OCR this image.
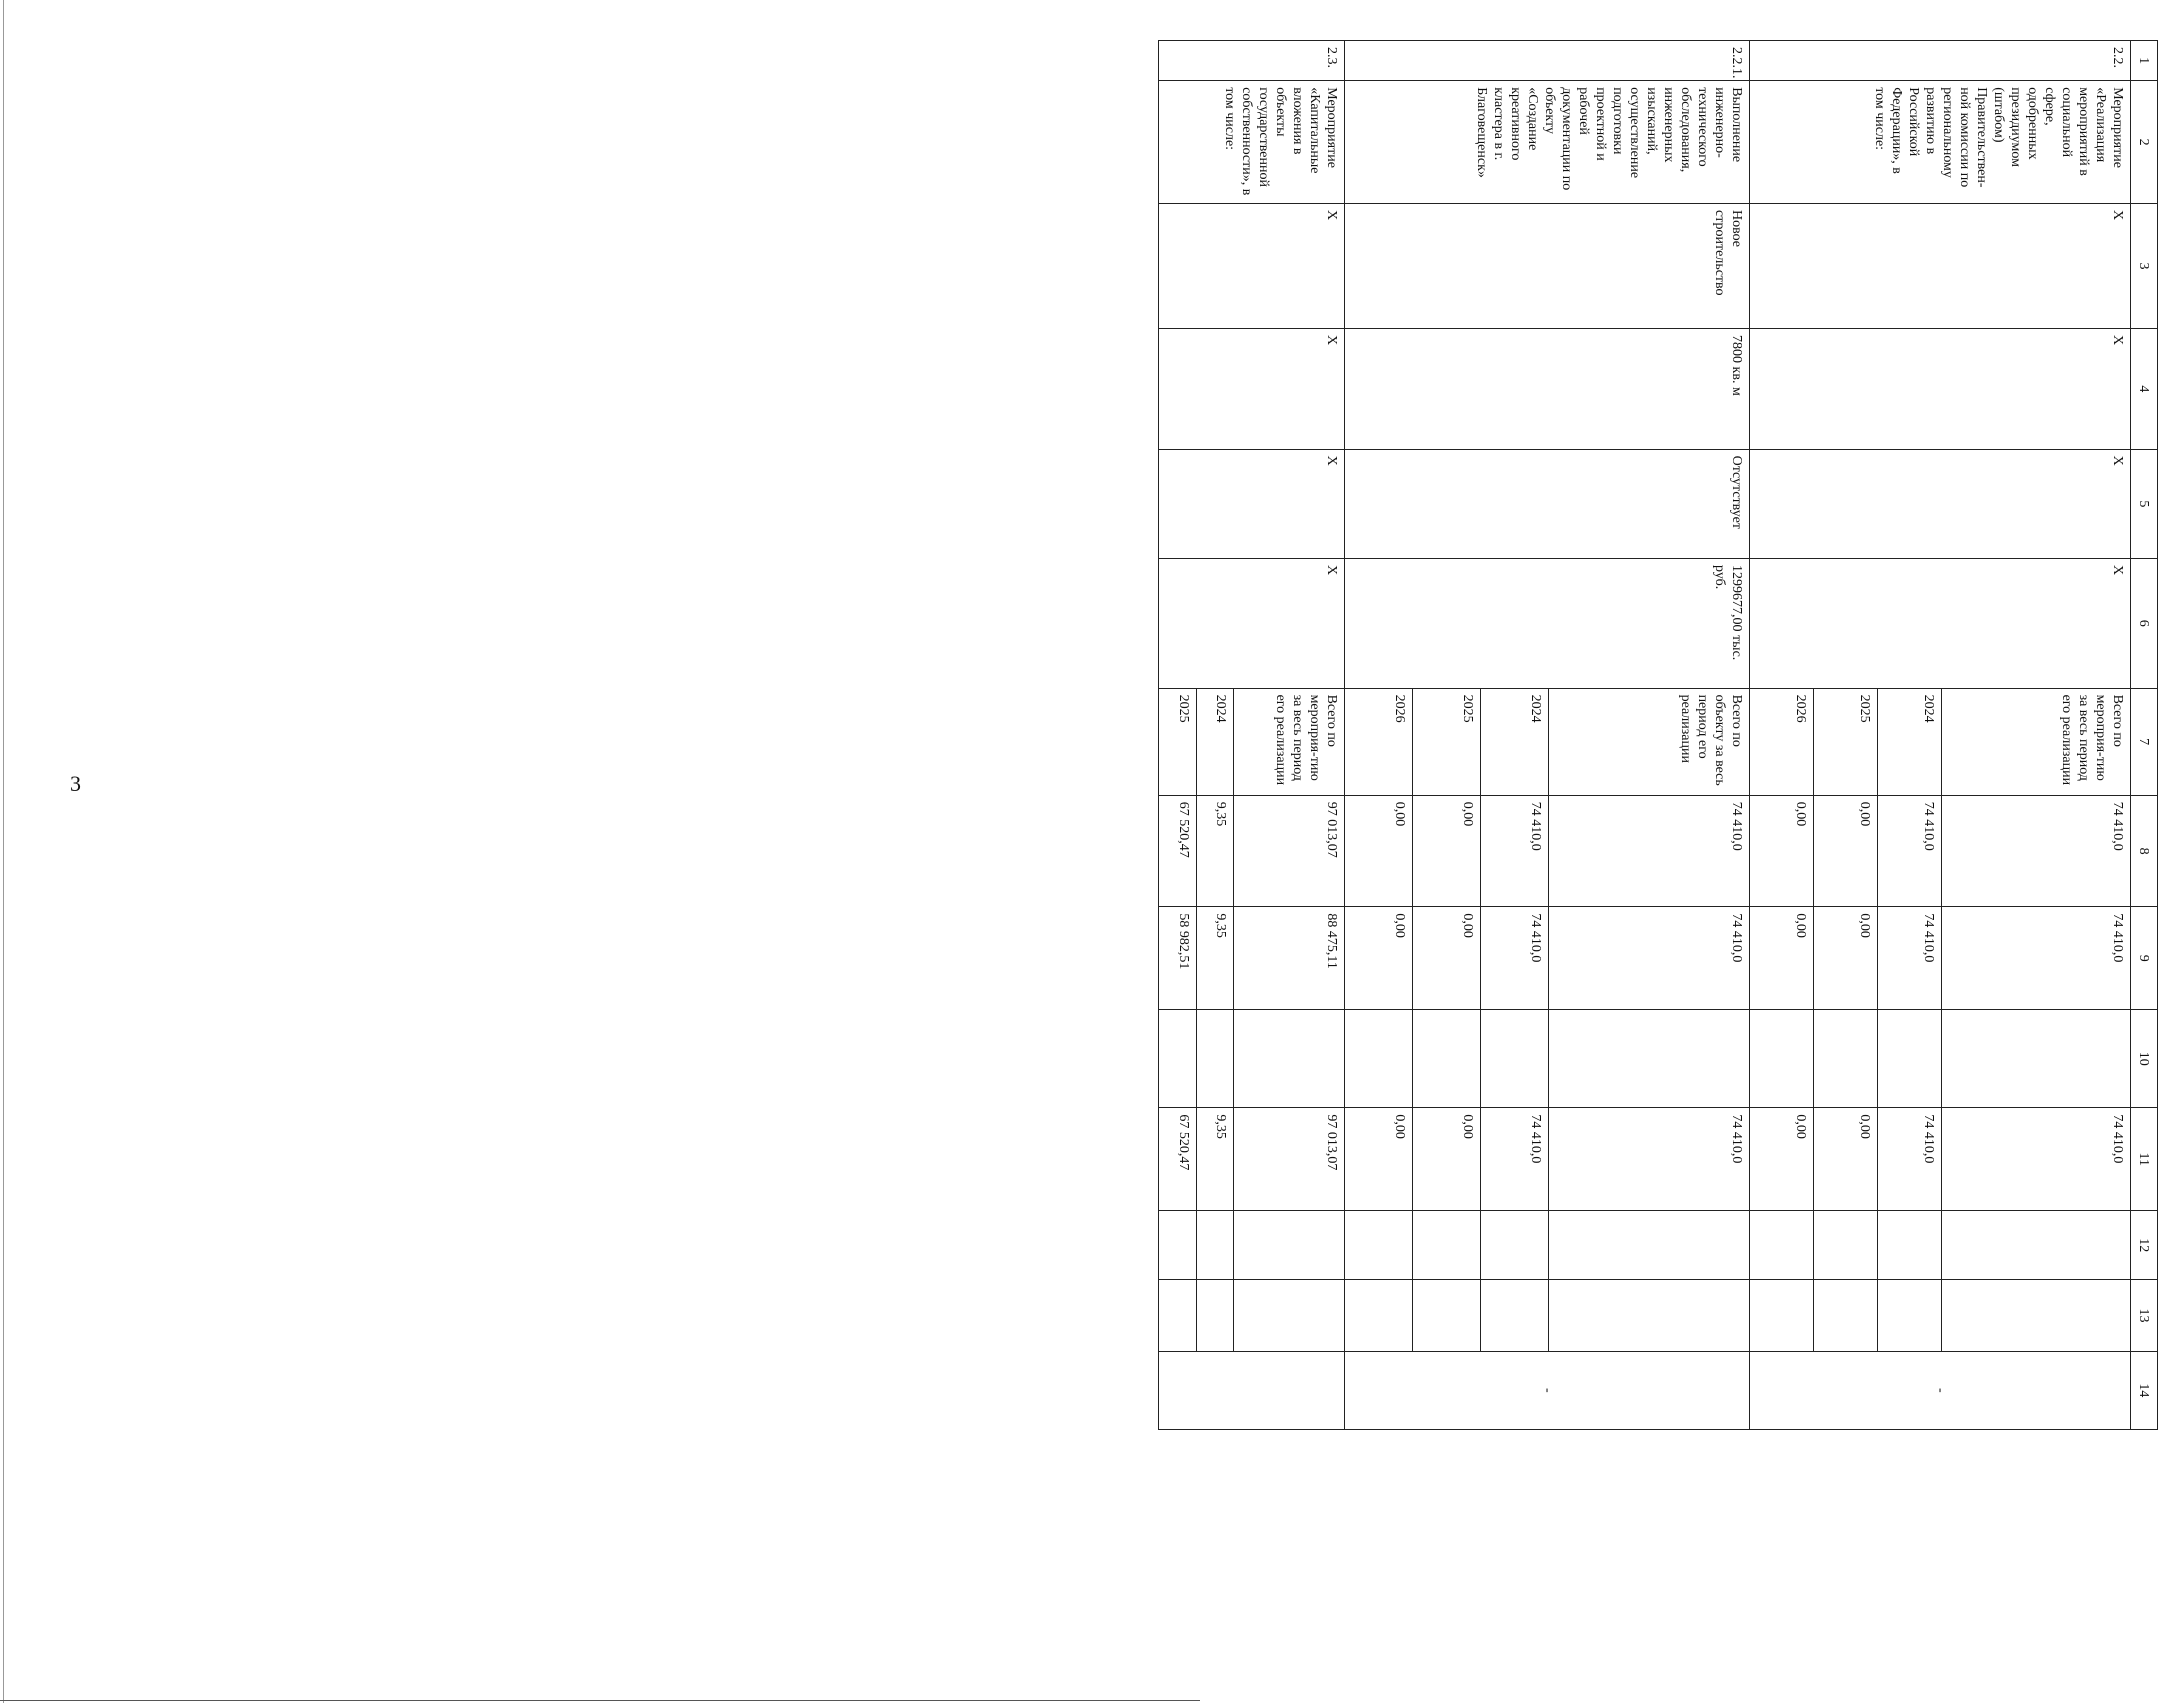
3
1	2	3	4	5	6	7	8	9	10	11	12	13	14
2.2.	Мероприятие «Реализация мероприятий в социальной сфере, одобренных президиумом (штабом) Правительствен-ной комиссии по региональному развитию в Российской Федерации», в том числе:	Х	Х	Х	Х	Всего по мероприя-тию за весь период его реализации	74 410,0	74 410,0		74 410,0			-
						2024	74 410,0	74 410,0		74 410,0			
						2025	0,00	0,00		0,00			
						2026	0,00	0,00		0,00			
2.2.1.	Выполнение инженерно-технического обследования, инженерных изысканий, осуществление подготовки проектной и рабочей документации по объекту «Создание креативного кластера в г. Благовещенск»	Новое строительство	7800 кв. м	Отсутствует	1299677,00 тыс. руб.	Всего по объекту за весь период его реализации	74 410,0	74 410,0		74 410,0			-
						2024	74 410,0	74 410,0		74 410,0			
						2025	0,00	0,00		0,00			
						2026	0,00	0,00		0,00			
2.3.	Мероприятие «Капитальные вложения в объекты государственной собственности», в том числе:	Х	Х	Х	Х	Всего по мероприя-тию за весь период его реализации	97 013,07	88 475,11		97 013,07			
						2024	9,35	9,35		9,35			
						2025	67 520,47	58 982,51		67 520,47			
